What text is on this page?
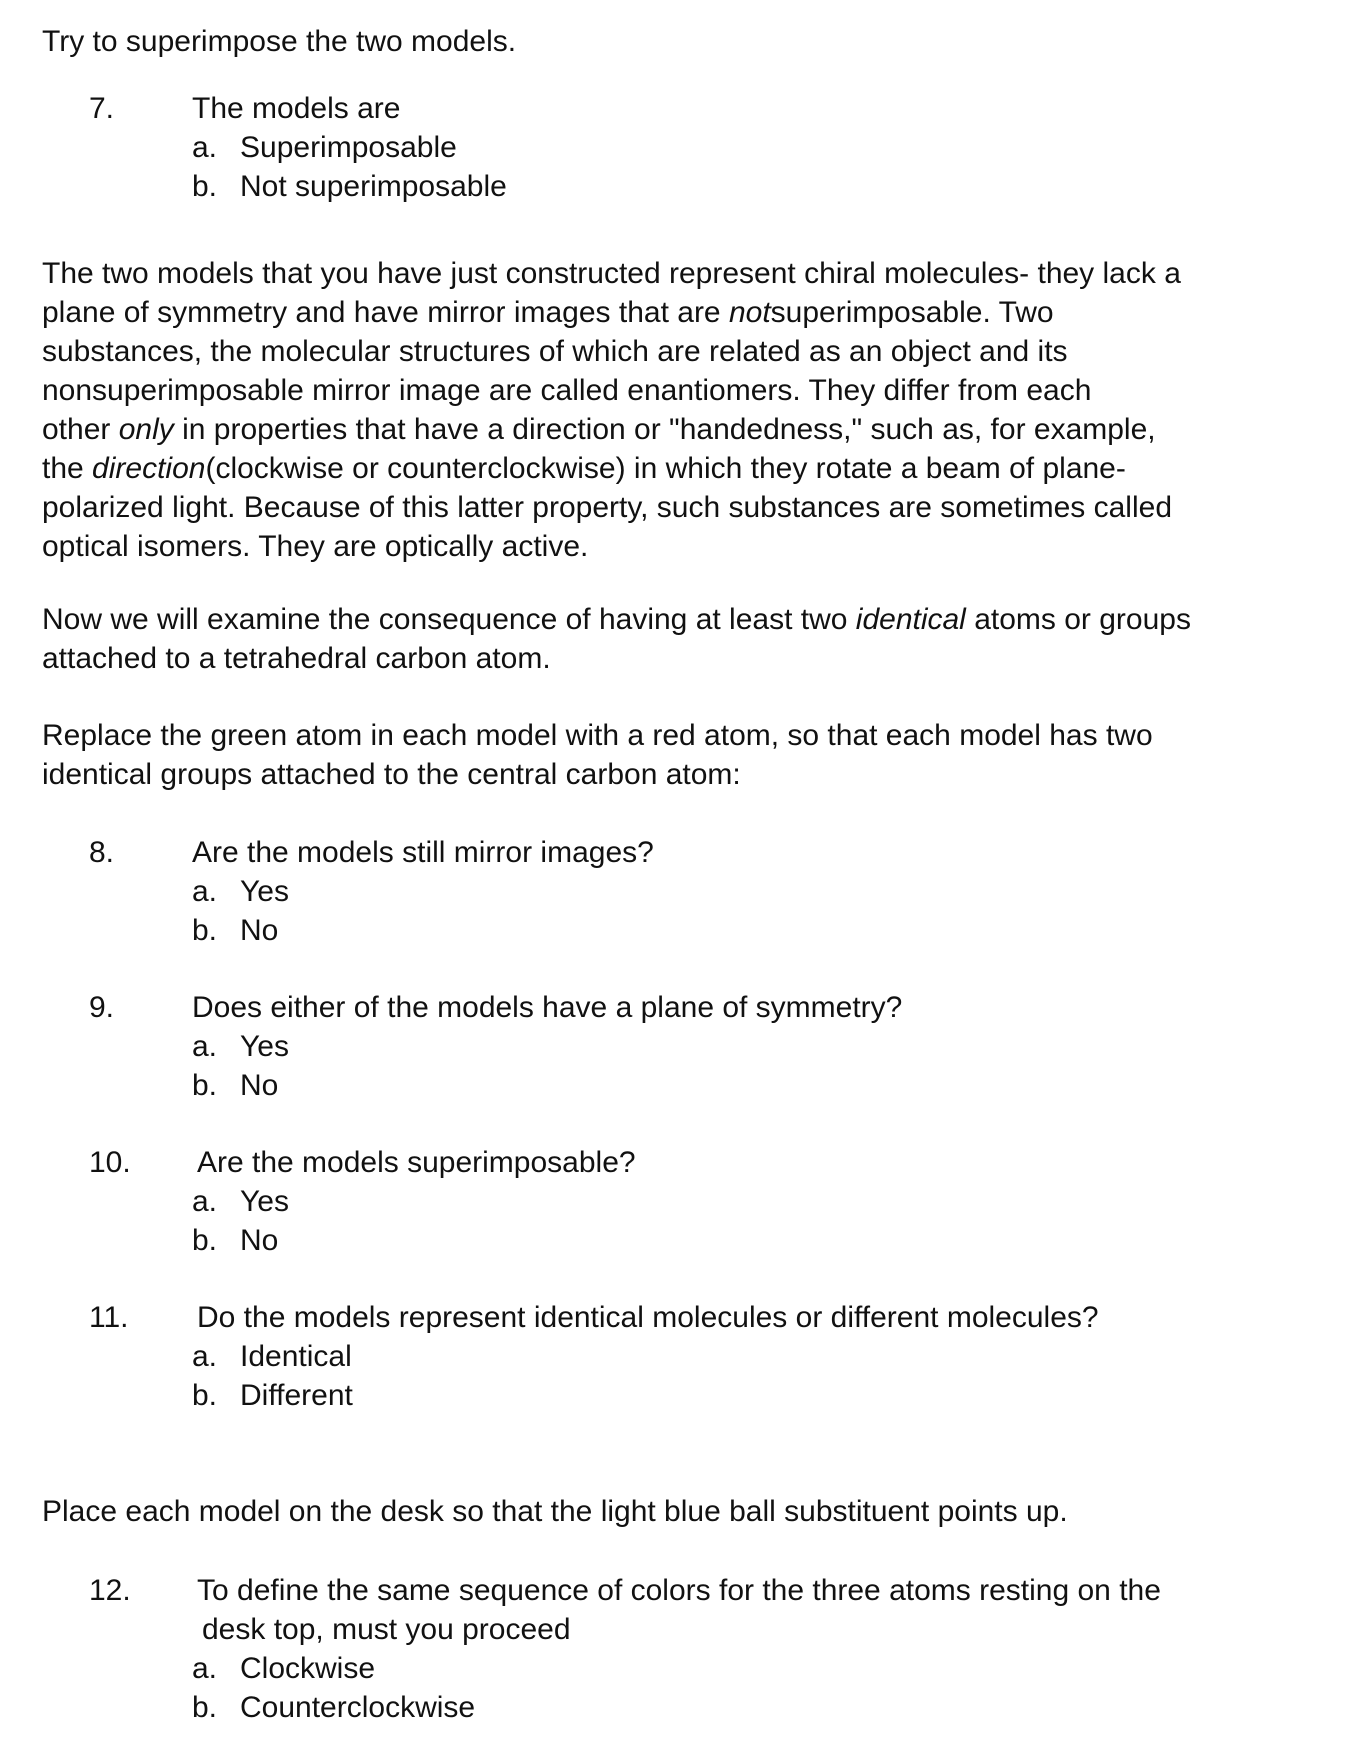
Try to superimpose the two models.

7.	The models are
a. Superimposable
b. Not superimposable
The two models that you have just constructed represent chiral molecules- they lack a
plane of symmetry and have mirror images that are notsuperimposable. Two
substances, the molecular structures of which are related as an object and its
nonsuperimposable mirror image are called enantiomers. They differ from each
other only in properties that have a direction or "handedness," such as, for example,
the direction(clockwise or counterclockwise) in which they rotate a beam of plane-
polarized light. Because of this latter property, such substances are sometimes called
optical isomers. They are optically active.
Now we will examine the consequence of having at least two identical atoms or groups
attached to a tetrahedral carbon atom.
Replace the green atom in each model with a red atom, so that each model has two
identical groups attached to the central carbon atom:
8.	Are the models still mirror images?
a. Yes
b. No
9.	Does either of the models have a plane of symmetry?
a. Yes
b. No
10. Are the models superimposable?
a. Yes
b. No
11. Do the models represent identical molecules or different molecules?
a. Identical
b. Different

Place each model on the desk so that the light blue ball substituent points up.

12. To define the same sequence of colors for the three atoms resting on the
desk top, must you proceed
a. Clockwise
b. Counterclockwise
